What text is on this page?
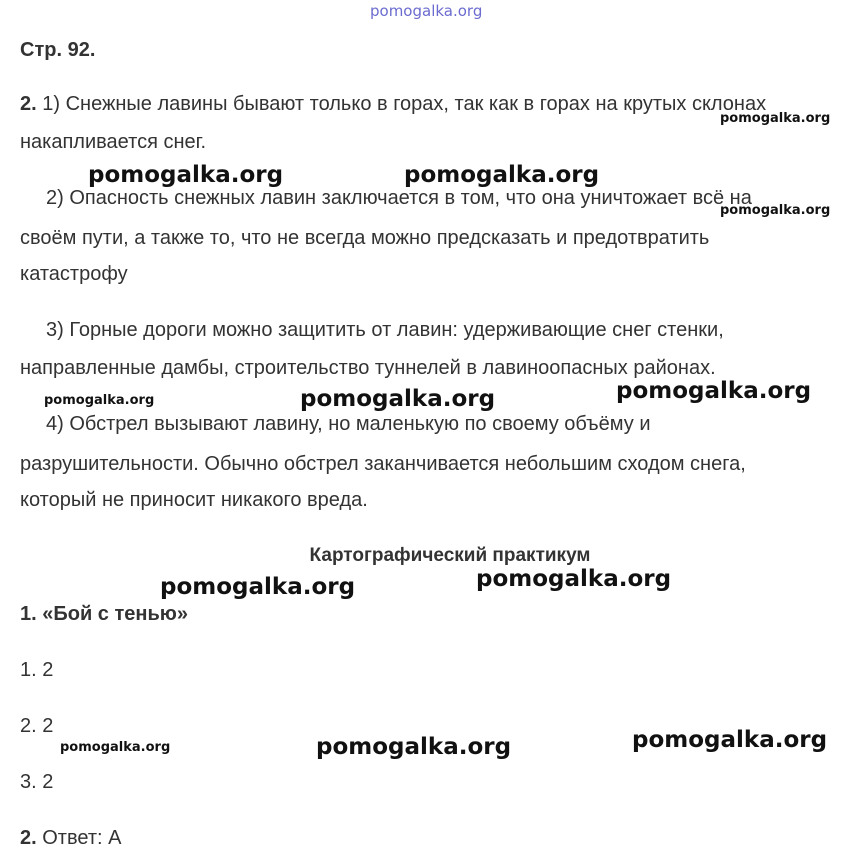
pomogalka.org
Стр. 92.
2. 1) Снежные лавины бывают только в горах, так как в горах на крутых склонах
накапливается снег.
2) Опасность снежных лавин заключается в том, что она уничтожает всё на
своём пути, а также то, что не всегда можно предсказать и предотвратить
катастрофу
3) Горные дороги можно защитить от лавин: удерживающие снег стенки,
направленные дамбы, строительство туннелей в лавиноопасных районах.
4) Обстрел вызывают лавину, но маленькую по своему объёму и
разрушительности. Обычно обстрел заканчивается небольшим сходом снега,
который не приносит никакого вреда.
Картографический практикум
1. «Бой с тенью»
1. 2
2. 2
3. 2
2. Ответ: А
pomogalka.org
pomogalka.org	pomogalka.org
pomogalka.org
pomogalka.org
pomogalka.org	pomogalka.org
pomogalka.org
pomogalka.org
pomogalka.org
pomogalka.org	pomogalka.org
